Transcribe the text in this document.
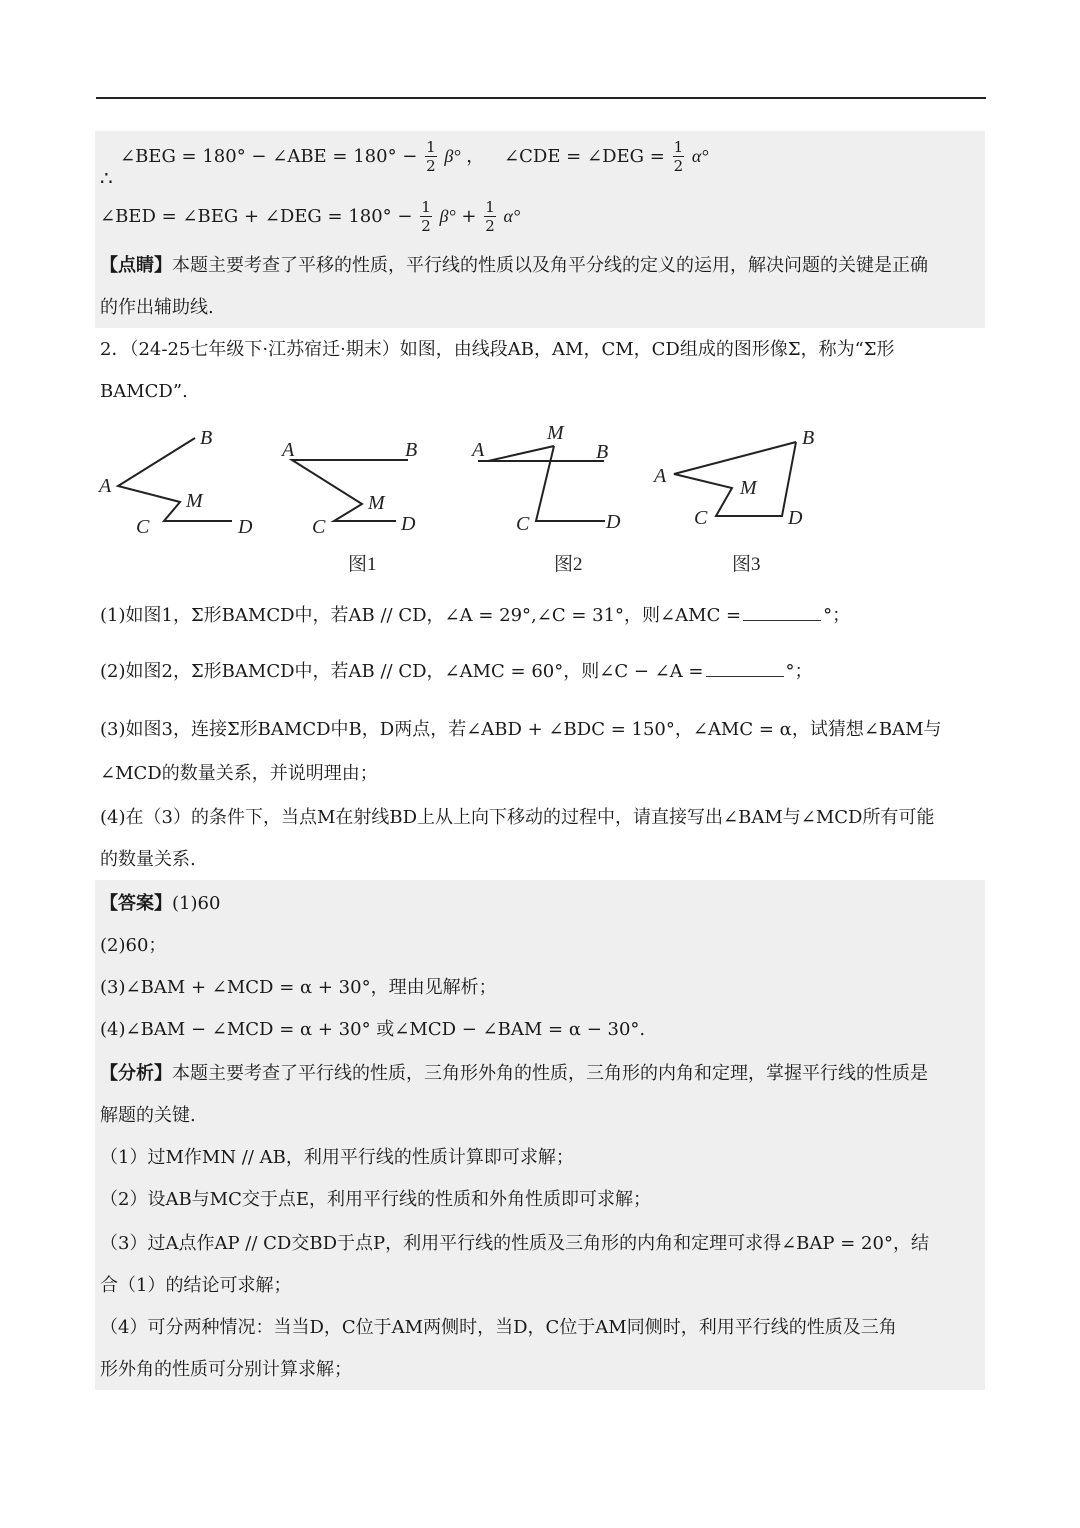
∠BEG = 180° − ∠ABE = $180^\circ - \frac{1}{2} \beta^\circ$ ， ∠CDE = ∠DEG = $\frac{1}{2} \alpha^\circ$
∴
∠BED = ∠BEG + ∠DEG = $180^\circ - \frac{1}{2} \beta^\circ + \frac{1}{2} \alpha^\circ$
【点睛】本题主要考查了平移的性质，平行线的性质以及角平分线的定义的运用，解决问题的关键是正确
的作出辅助线.
2．（24-25七年级下·江苏宿迁·期末）如图，由线段AB，AM，CM，CD组成的图形像Σ，称为“Σ形
BAMCD”.
B
A
M
C	D
A	B
M
C	D
M
A	B
C	D
B
A
M
C	D
图1	图2	图3
(1)如图1，Σ形BAMCD中，若AB // CD，∠A = 29°,∠C = 31°，则∠AMC =	°；
(2)如图2，Σ形BAMCD中，若AB // CD，∠AMC = 60°，则∠C − ∠A =	°；
(3)如图3，连接Σ形BAMCD中B，D两点，若∠ABD + ∠BDC = 150°，∠AMC = α，试猜想∠BAM与
∠MCD的数量关系，并说明理由；
(4)在（3）的条件下，当点M在射线BD上从上向下移动的过程中，请直接写出∠BAM与∠MCD所有可能
的数量关系.
【答案】(1)60
(2)60；
(3)∠BAM + ∠MCD = α + 30°，理由见解析；
(4)∠BAM − ∠MCD = α + 30° 或∠MCD − ∠BAM = α − 30°.
【分析】本题主要考查了平行线的性质，三角形外角的性质，三角形的内角和定理，掌握平行线的性质是
解题的关键.
（1）过M作MN // AB，利用平行线的性质计算即可求解；
（2）设AB与MC交于点E，利用平行线的性质和外角性质即可求解；
（3）过A点作AP // CD交BD于点P，利用平行线的性质及三角形的内角和定理可求得∠BAP = 20°，结
合（1）的结论可求解；
（4）可分两种情况：当当D，C位于AM两侧时，当D，C位于AM同侧时，利用平行线的性质及三角
形外角的性质可分别计算求解；
